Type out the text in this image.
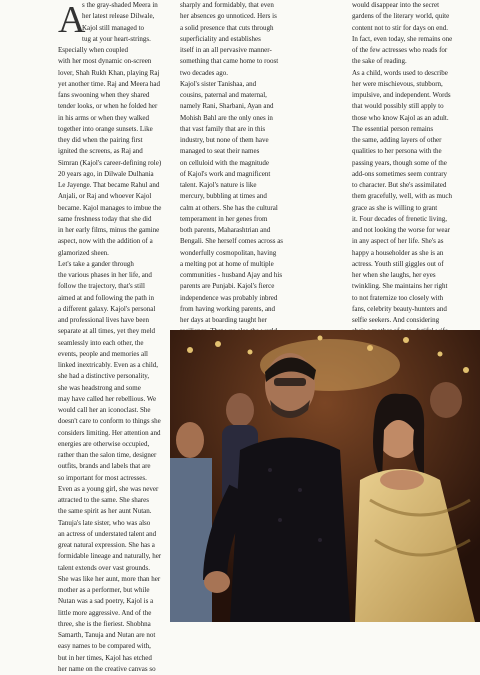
A
s the gray-shaded Meera in
her latest release Dilwale,
Kajol still managed to
tug at your heart-strings.
Especially when coupled
with her most dynamic on-screen
lover, Shah Rukh Khan, playing Raj
yet another time. Raj and Meera had
fans swooning when they shared
tender looks, or when he folded her
in his arms or when they walked
together into orange sunsets. Like
they did when the pairing first
ignited the screens, as Raj and
Simran (Kajol's career-defining role)
20 years ago, in Dilwale Dulhania
Le Jayenge. That became Rahul and
Anjali, or Raj and whoever Kajol
became. Kajol manages to imbue the
same freshness today that she did
in her early films, minus the gamine
aspect, now with the addition of a
glamorized sheen.
Let's take a gander through
the various phases in her life, and
follow the trajectory, that's still
aimed at and following the path in
a different galaxy. Kajol's personal
and professional lives have been
separate at all times, yet they meld
seamlessly into each other, the
events, people and memories all
linked inextricably. Even as a child,
she had a distinctive personality,
she was headstrong and some
may have called her rebellious. We
would call her an iconoclast. She
doesn't care to conform to things she
considers limiting. Her attention and
energies are otherwise occupied,
rather than the salon time, designer
outfits, brands and labels that are
so important for most actresses.
Even as a young girl, she was never
attracted to the same. She shares
the same spirit as her aunt Nutan.
Tanuja's late sister, who was also
an actress of understated talent and
great natural expression. She has a
formidable lineage and naturally, her
talent extends over vast grounds.
She was like her aunt, more than her
mother as a performer, but while
Nutan was a sad poetry, Kajol is a
little more aggressive. And of the
three, she is the fieriest. Shobhna
Samarth, Tanuja and Nutan are not
easy names to be compared with,
but in her times, Kajol has etched
her name on the creative canvas so
sharply and formidably, that even
her absences go unnoticed. Hers is
a solid presence that cuts through
superficiality and establishes
itself in an all pervasive manner-
something that came home to roost
two decades ago.
Kajol's sister Tanishaa, and
cousins, paternal and maternal,
namely Rani, Sharbani, Ayan and
Mohish Bahl are the only ones in
that vast family that are in this
industry, but none of them have
managed to seat their names
on celluloid with the magnitude
of Kajol's work and magnificent
talent. Kajol's nature is like
mercury, bubbling at times and
calm at others. She has the cultural
temperament in her genes from
both parents, Maharashtrian and
Bengali. She herself comes across as
wonderfully cosmopolitan, having
a melting pot at home of multiple
communities - husband Ajay and his
parents are Punjabi. Kajol's fierce
independence was probably inbred
from having working parents, and
her days at boarding taught her
would disappear into the secret
gardens of the literary world, quite
content not to stir for days on end.
In fact, even today, she remains one
of the few actresses who reads for
the sake of reading.
As a child, words used to describe
her were mischievous, stubborn,
impulsive, and independent. Words
that would possibly still apply to
those who know Kajol as an adult.
The essential person remains
the same, adding layers of other
qualities to her persona with the
passing years, though some of the
add-ons sometimes seem contrary
to character. But she's assimilated
them gracefully, well, with as much
grace as she is willing to grant
it. Four decades of frenetic living,
and not looking the worse for wear
in any aspect of her life. She's as
happy a householder as she is an
actress. Youth still giggles out of
her when she laughs, her eyes
twinkling. She maintains her right
to not fraternize too closely with
fans, celebrity beauty-hunters and
selfie seekers. And considering
